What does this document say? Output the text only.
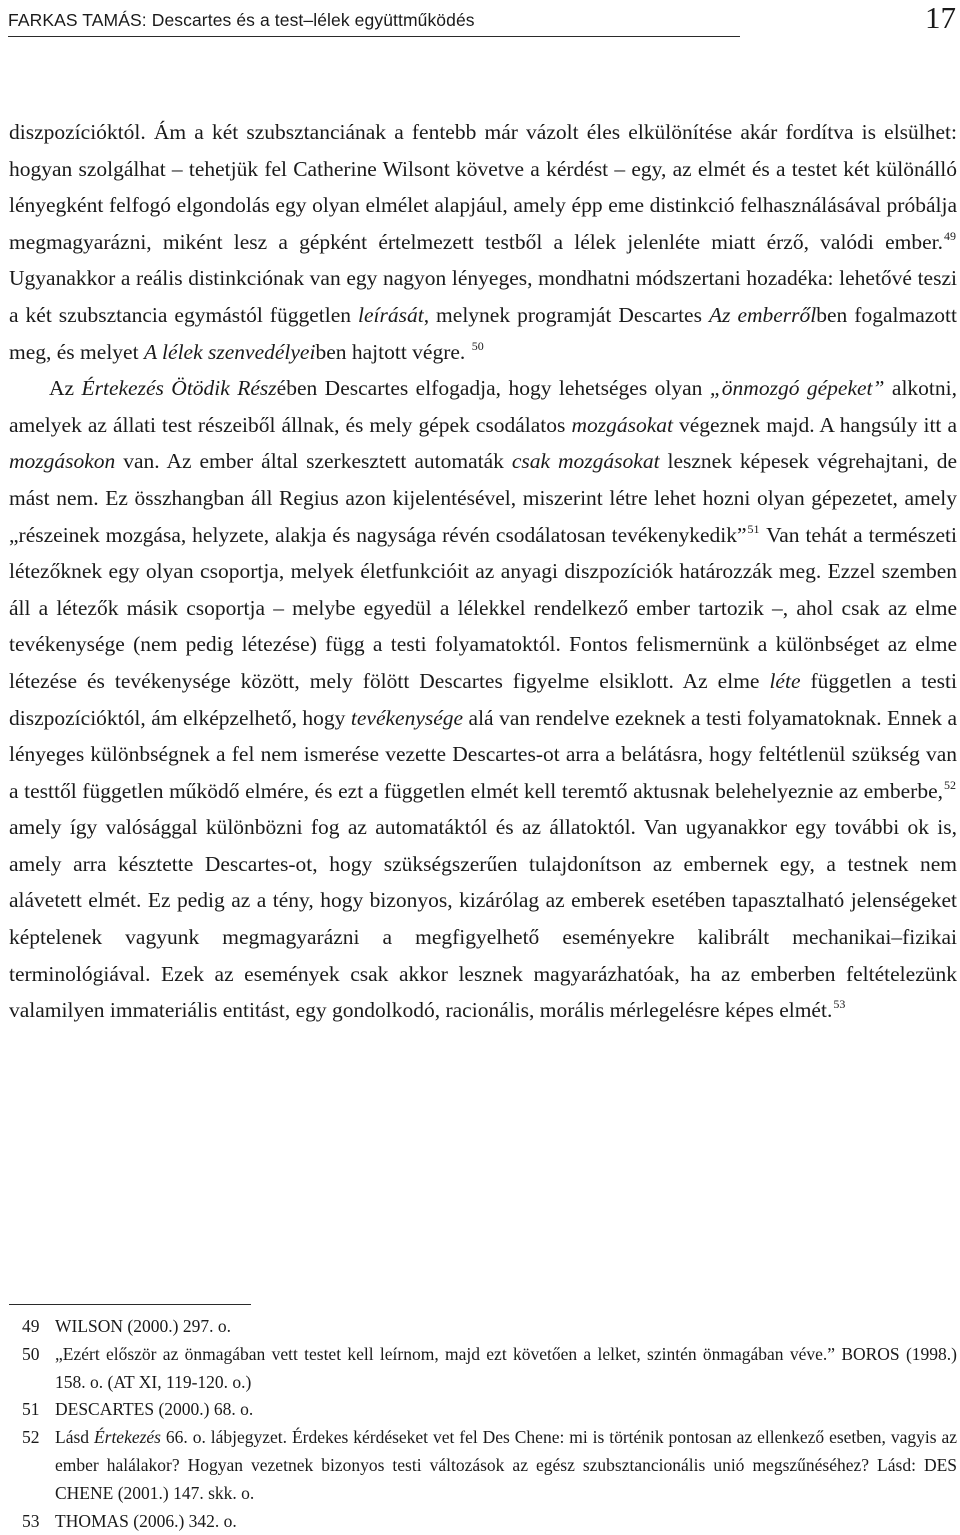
FARKAS TAMÁS: Descartes és a test–lélek együttműködés	17

diszpozícióktól. Ám a két szubsztanciának a fentebb már vázolt éles elkülönítése akár fordítva is elsülhet: hogyan szolgálhat – tehetjük fel Catherine Wilsont követve a kérdést – egy, az elmét és a testet két különálló lényegként felfogó elgondolás egy olyan elmélet alapjául, amely épp eme distinkció felhasználásával próbálja megmagyarázni, miként lesz a gépként értelmezett testből a lélek jelenléte miatt érző, valódi ember.$^{49}$ Ugyanakkor a reális distinkciónak van egy nagyon lényeges, mondhatni módszertani hozadéka: lehetővé teszi a két szubsztancia egymástól független leírását, melynek programját Descartes Az emberrőlben fogalmazott meg, és melyet A lélek szenvedélyeiben hajtott végre. $^{50}$

Az Értekezés Ötödik Részében Descartes elfogadja, hogy lehetséges olyan „önmozgó gépeket” alkotni, amelyek az állati test részeiből állnak, és mely gépek csodálatos mozgásokat végeznek majd. A hangsúly itt a mozgásokon van. Az ember által szerkesztett automaták csak mozgásokat lesznek képesek végrehajtani, de mást nem. Ez összhangban áll Regius azon kijelentésével, miszerint létre lehet hozni olyan gépezetet, amely „részeinek mozgása, helyzete, alakja és nagysága révén csodálatosan tevékenykedik”$^{51}$ Van tehát a természeti létezőknek egy olyan csoportja, melyek életfunkcióit az anyagi diszpozíciók határozzák meg. Ezzel szemben áll a létezők másik csoportja – melybe egyedül a lélekkel rendelkező ember tartozik –, ahol csak az elme tevékenysége (nem pedig létezése) függ a testi folyamatoktól. Fontos felismernünk a különbséget az elme létezése és tevékenysége között, mely fölött Descartes figyelme elsiklott. Az elme léte független a testi diszpozícióktól, ám elképzelhető, hogy tevékenysége alá van rendelve ezeknek a testi folyamatoknak. Ennek a lényeges különbségnek a fel nem ismerése vezette Descartes-ot arra a belátásra, hogy feltétlenül szükség van a testtől független működő elmére, és ezt a független elmét kell teremtő aktusnak belehelyeznie az emberbe,$^{52}$ amely így valósággal különbözni fog az automatáktól és az állatoktól. Van ugyanakkor egy további ok is, amely arra késztette Descartes-ot, hogy szükségszerűen tulajdonítson az embernek egy, a testnek nem alávetett elmét. Ez pedig az a tény, hogy bizonyos, kizárólag az emberek esetében tapasztalható jelenségeket képtelenek vagyunk megmagyarázni a megfigyelhető eseményekre kalibrált mechanikai–fizikai terminológiával. Ezek az események csak akkor lesznek magyarázhatóak, ha az emberben feltételezünk valamilyen immateriális entitást, egy gondolkodó, racionális, morális mérlegelésre képes elmét.$^{53}$

49 WILSON (2000.) 297. o.
50 „Ezért először az önmagában vett testet kell leírnom, majd ezt követően a lelket, szintén önmagában véve.” BOROS (1998.) 158. o. (AT XI, 119-120. o.)
51 DESCARTES (2000.) 68. o.
52 Lásd Értekezés 66. o. lábjegyzet. Érdekes kérdéseket vet fel Des Chene: mi is történik pontosan az ellenkező esetben, vagyis az ember halálakor? Hogyan vezetnek bizonyos testi változások az egész szubsztancionális unió megszűnéséhez? Lásd: DES CHENE (2001.) 147. skk. o.
53 THOMAS (2006.) 342. o.
